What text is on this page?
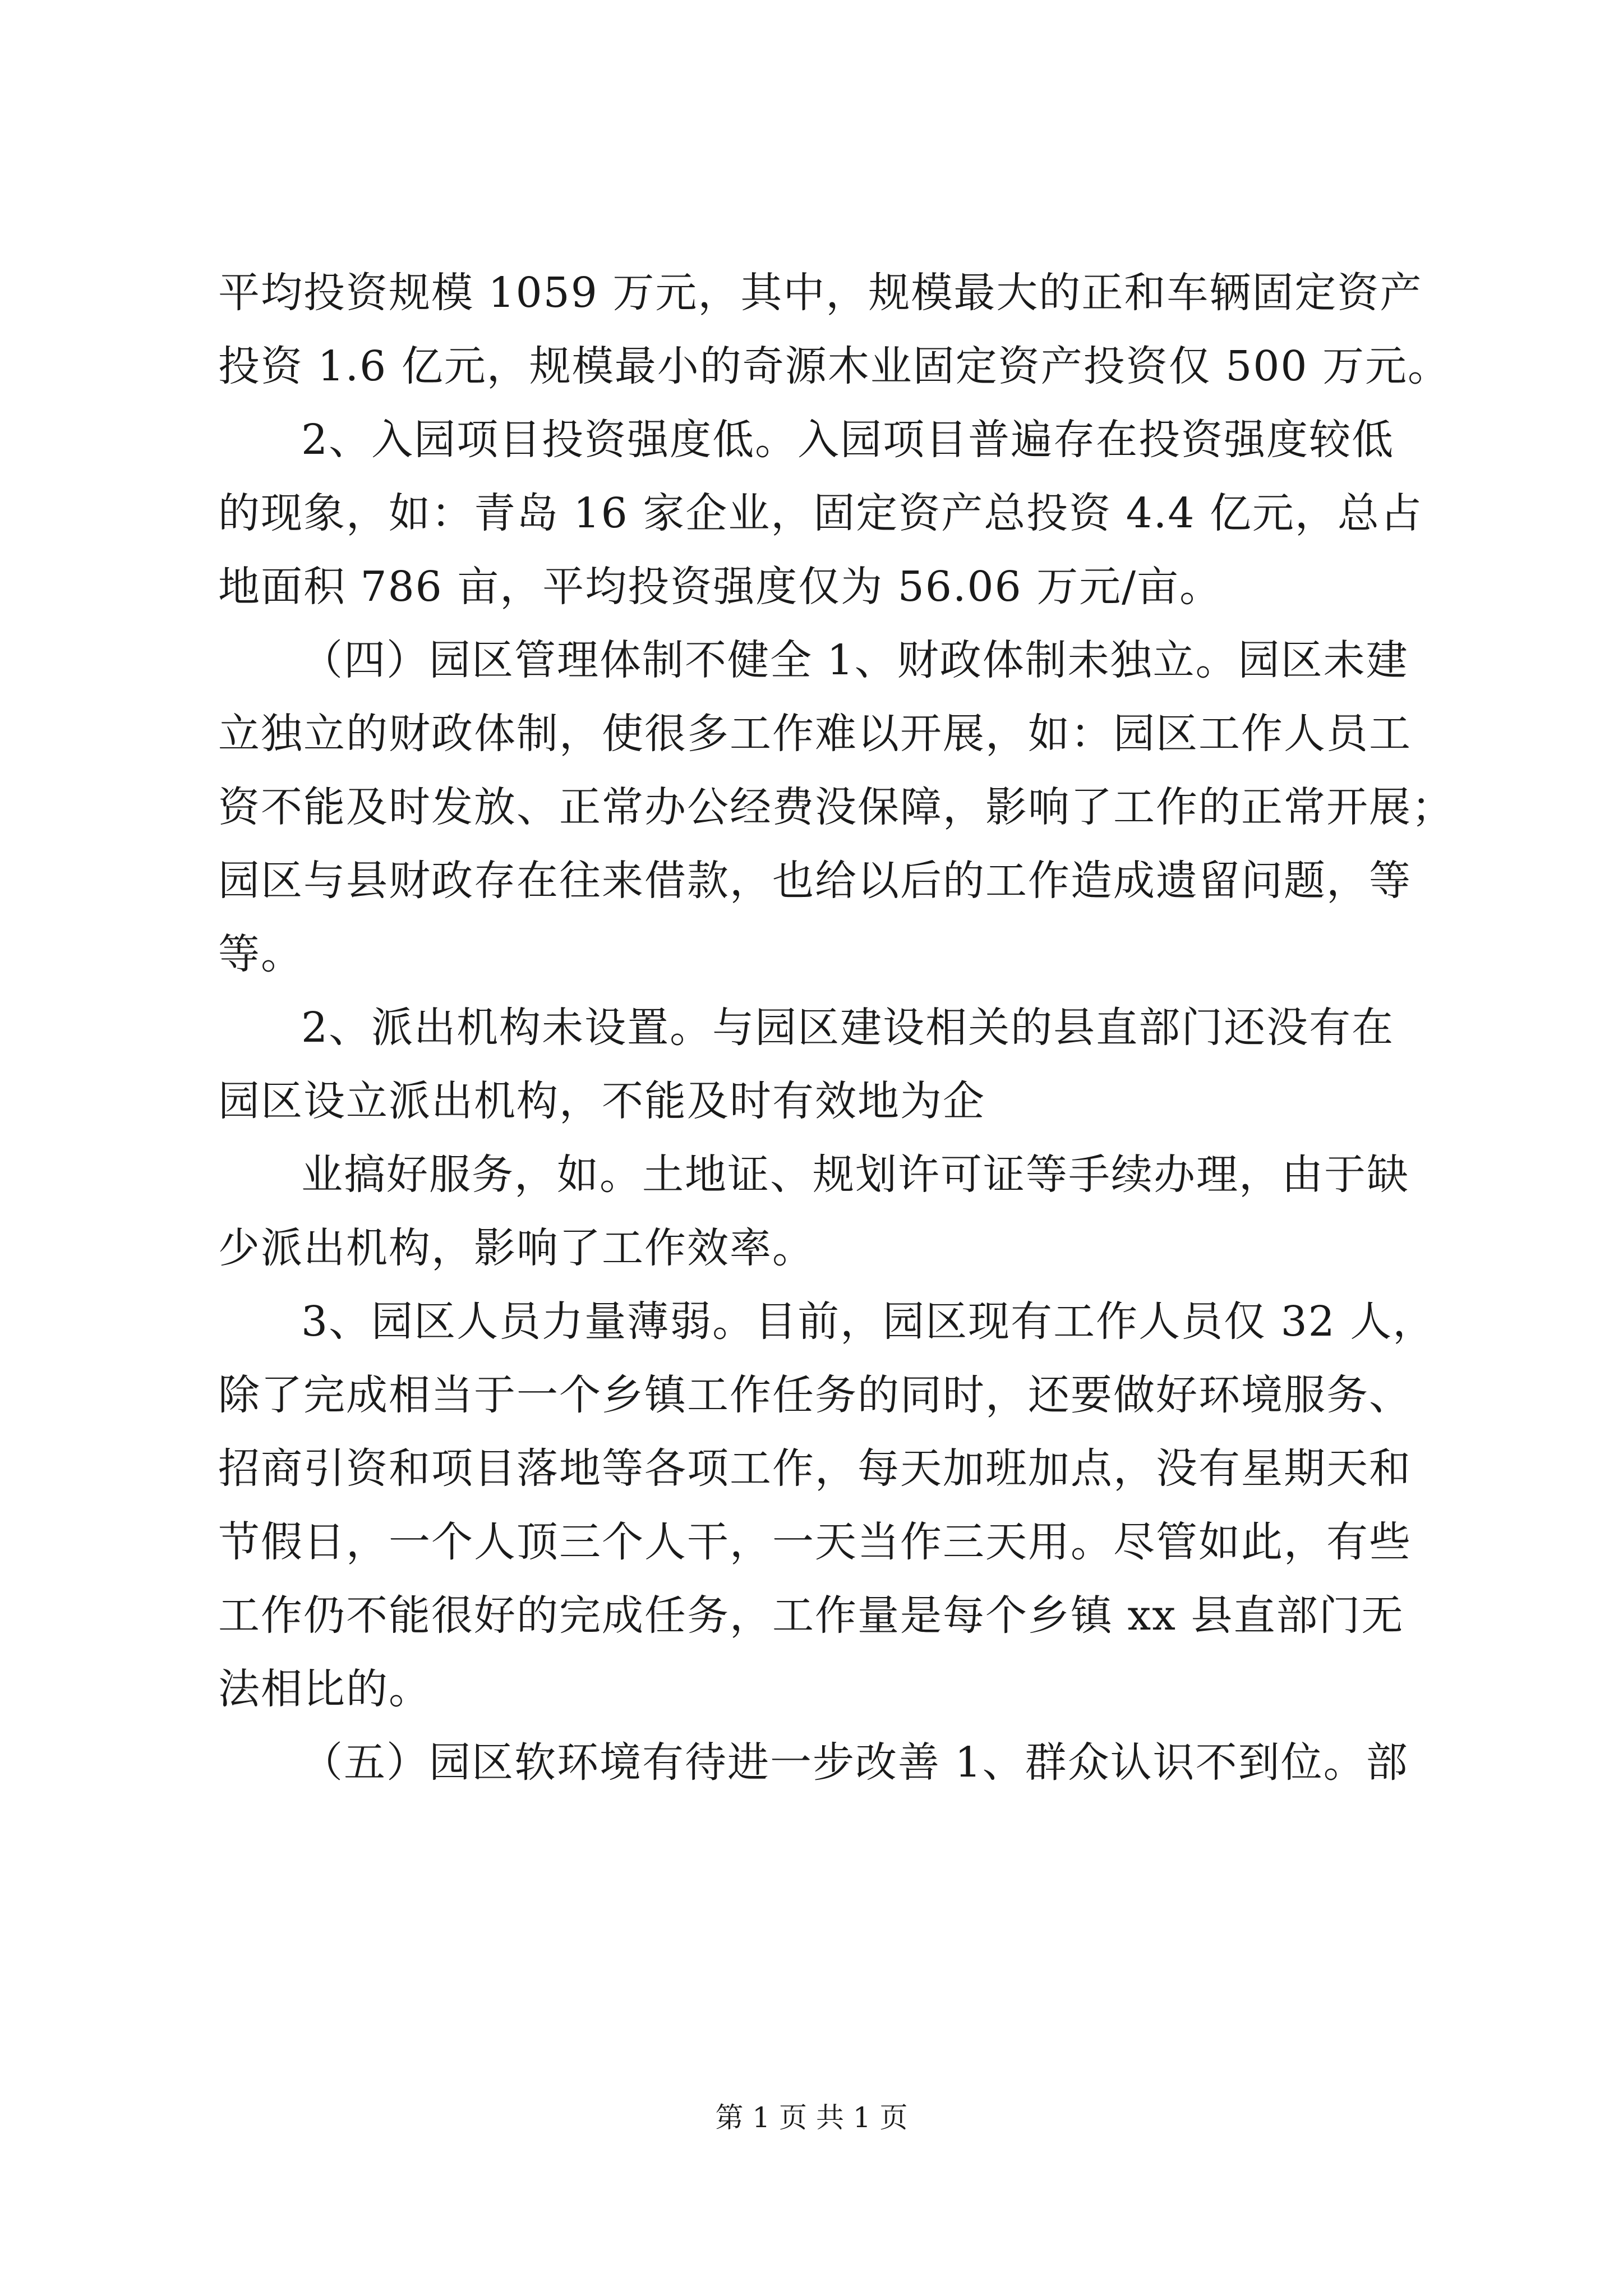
平均投资规模 1059 万元，其中，规模最大的正和车辆固定资产
投资 1.6 亿元，规模最小的奇源木业固定资产投资仅 500 万元。
2、入园项目投资强度低。入园项目普遍存在投资强度较低
的现象，如：青岛 16 家企业，固定资产总投资 4.4 亿元，总占
地面积 786 亩，平均投资强度仅为 56.06 万元/亩。
（四）园区管理体制不健全 1、财政体制未独立。园区未建
立独立的财政体制，使很多工作难以开展，如：园区工作人员工
资不能及时发放、正常办公经费没保障，影响了工作的正常开展；
园区与县财政存在往来借款，也给以后的工作造成遗留问题，等
等。
2、派出机构未设置。与园区建设相关的县直部门还没有在
园区设立派出机构，不能及时有效地为企
业搞好服务，如。土地证、规划许可证等手续办理，由于缺
少派出机构，影响了工作效率。
3、园区人员力量薄弱。目前，园区现有工作人员仅 32 人，
除了完成相当于一个乡镇工作任务的同时，还要做好环境服务、
招商引资和项目落地等各项工作，每天加班加点，没有星期天和
节假日，一个人顶三个人干，一天当作三天用。尽管如此，有些
工作仍不能很好的完成任务，工作量是每个乡镇 xx 县直部门无
法相比的。
（五）园区软环境有待进一步改善 1、群众认识不到位。部
第 1 页 共 1 页
